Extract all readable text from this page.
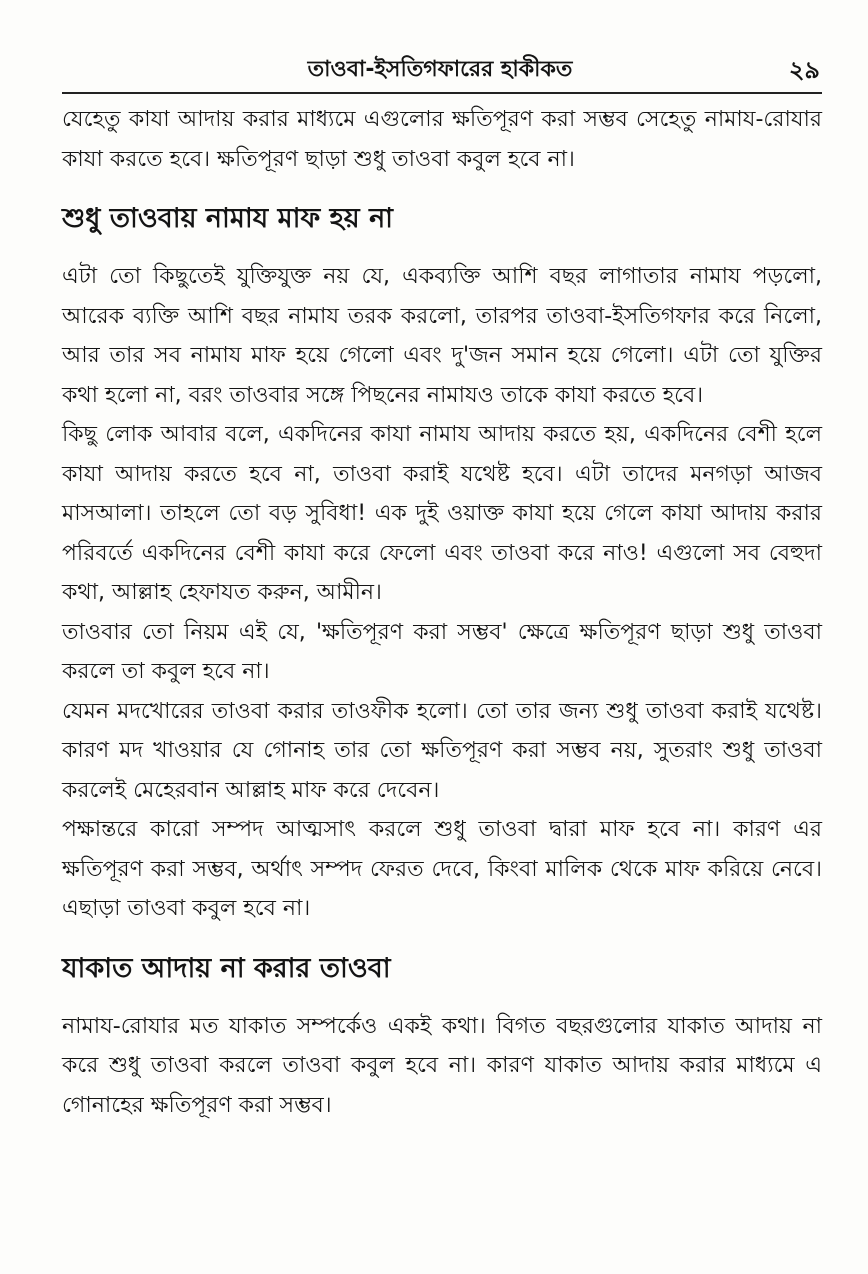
তাওবা-ইসতিগফারের হাকীকত	২৯

যেহেতু কাযা আদায় করার মাধ্যমে এগুলোর ক্ষতিপূরণ করা সম্ভব সেহেতু নামায-রোযার কাযা করতে হবে। ক্ষতিপূরণ ছাড়া শুধু তাওবা কবুল হবে না।

শুধু তাওবায় নামায মাফ হয় না

এটা তো কিছুতেই যুক্তিযুক্ত নয় যে, একব্যক্তি আশি বছর লাগাতার নামায পড়লো, আরেক ব্যক্তি আশি বছর নামায তরক করলো, তারপর তাওবা-ইসতিগফার করে নিলো, আর তার সব নামায মাফ হয়ে গেলো এবং দু'জন সমান হয়ে গেলো। এটা তো যুক্তির কথা হলো না, বরং তাওবার সঙ্গে পিছনের নামাযও তাকে কাযা করতে হবে।

কিছু লোক আবার বলে, একদিনের কাযা নামায আদায় করতে হয়, একদিনের বেশী হলে কাযা আদায় করতে হবে না, তাওবা করাই যথেষ্ট হবে। এটা তাদের মনগড়া আজব মাসআলা। তাহলে তো বড় সুবিধা! এক দুই ওয়াক্ত কাযা হয়ে গেলে কাযা আদায় করার পরিবর্তে একদিনের বেশী কাযা করে ফেলো এবং তাওবা করে নাও! এগুলো সব বেহুদা কথা, আল্লাহ হেফাযত করুন, আমীন।

তাওবার তো নিয়ম এই যে, 'ক্ষতিপূরণ করা সম্ভব' ক্ষেত্রে ক্ষতিপূরণ ছাড়া শুধু তাওবা করলে তা কবুল হবে না।

যেমন মদখোরের তাওবা করার তাওফীক হলো। তো তার জন্য শুধু তাওবা করাই যথেষ্ট। কারণ মদ খাওয়ার যে গোনাহ তার তো ক্ষতিপূরণ করা সম্ভব নয়, সুতরাং শুধু তাওবা করলেই মেহেরবান আল্লাহ মাফ করে দেবেন।

পক্ষান্তরে কারো সম্পদ আত্মসাৎ করলে শুধু তাওবা দ্বারা মাফ হবে না। কারণ এর ক্ষতিপূরণ করা সম্ভব, অর্থাৎ সম্পদ ফেরত দেবে, কিংবা মালিক থেকে মাফ করিয়ে নেবে। এছাড়া তাওবা কবুল হবে না।

যাকাত আদায় না করার তাওবা

নামায-রোযার মত যাকাত সম্পর্কেও একই কথা। বিগত বছরগুলোর যাকাত আদায় না করে শুধু তাওবা করলে তাওবা কবুল হবে না। কারণ যাকাত আদায় করার মাধ্যমে এ গোনাহের ক্ষতিপূরণ করা সম্ভব।
